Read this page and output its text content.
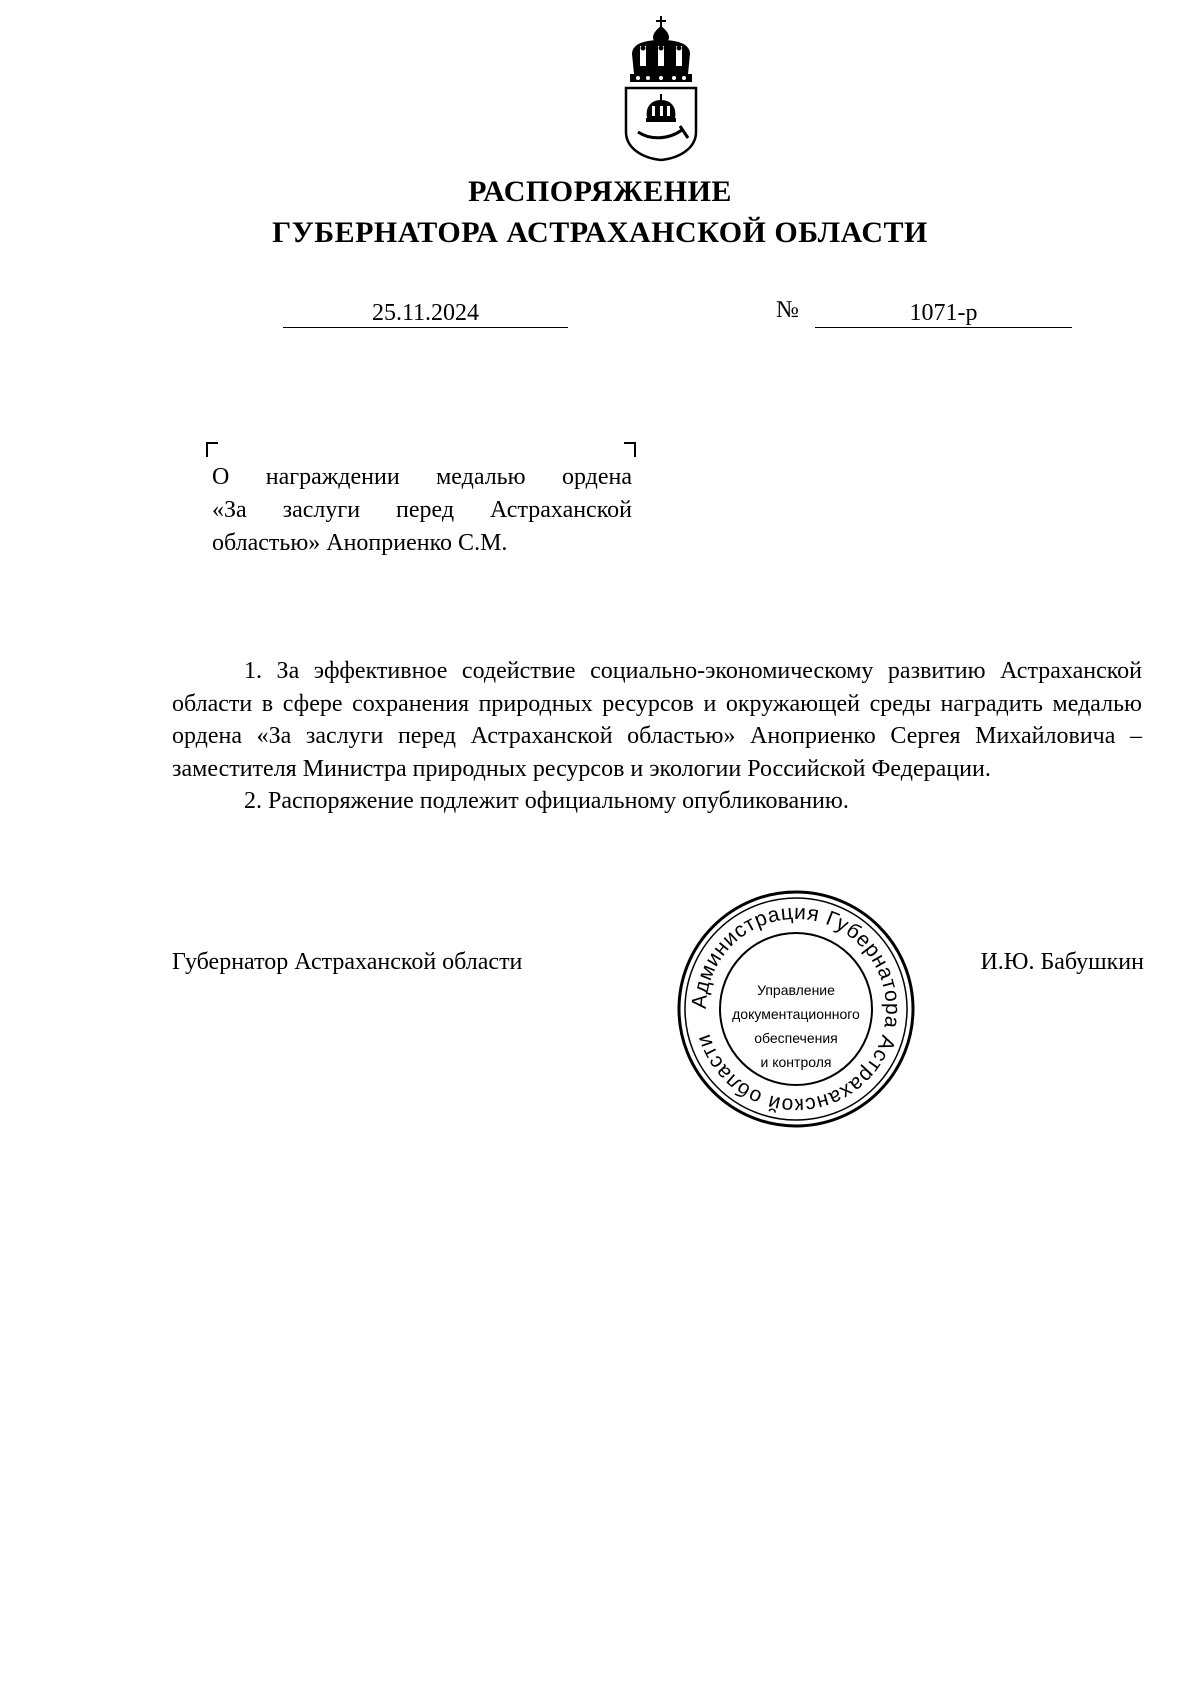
РАСПОРЯЖЕНИЕ
ГУБЕРНАТОРА АСТРАХАНСКОЙ ОБЛАСТИ
25.11.2024	№	1071-р
О награждении медалью ордена
«За заслуги перед Астраханской
областью» Аноприенко С.М.

1. За эффективное содействие социально-экономическому развитию Астраханской области в сфере сохранения природных ресурсов и окружающей среды наградить медалью ордена «За заслуги перед Астраханской областью» Аноприенко Сергея Михайловича – заместителя Министра природных ресурсов и экологии Российской Федерации.

2. Распоряжение подлежит официальному опубликованию.

Губернатор Астраханской области	И.Ю. Бабушкин
Администрация Губернатора Астраханской области
Управление
документационного
обеспечения
и контроля
